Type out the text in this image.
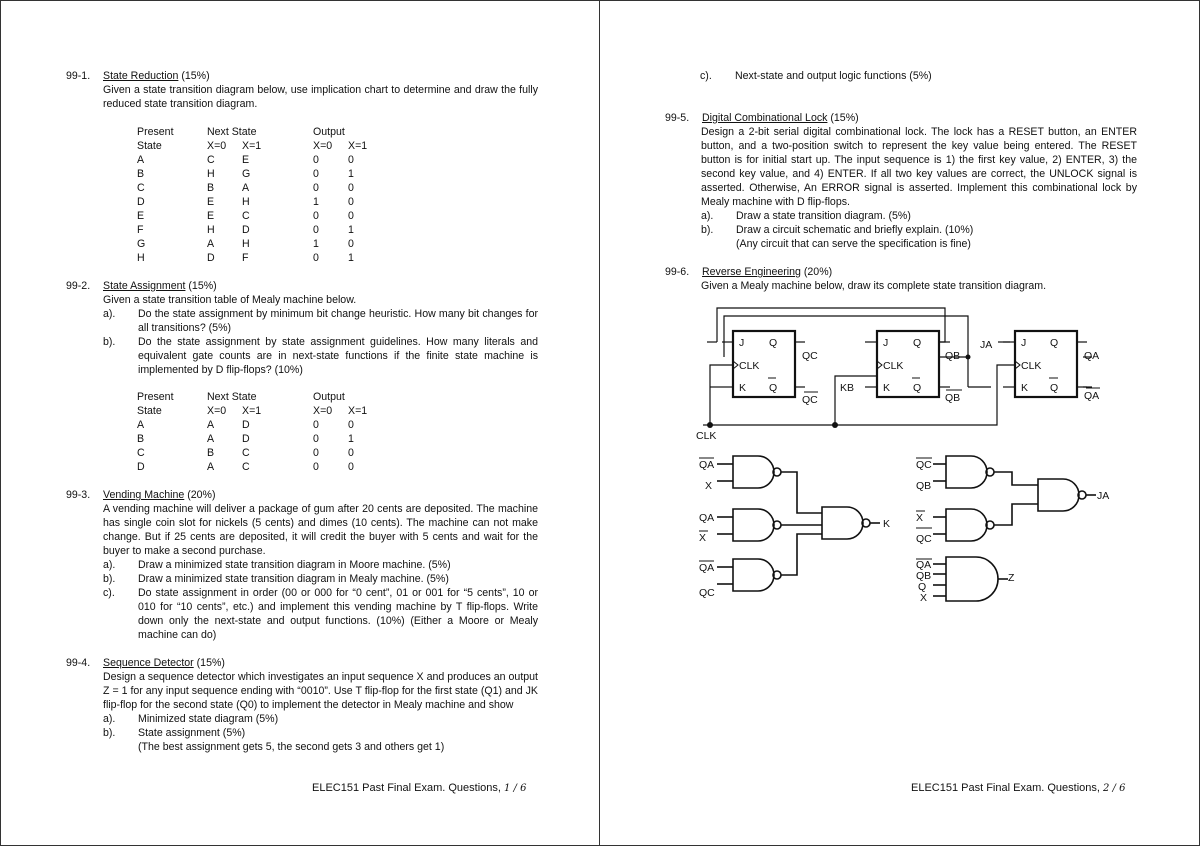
99-1.	State Reduction (15%)
Given a state transition diagram below, use implication chart to determine and draw the fully reduced state transition diagram.
Present	Next State		Output	
State	X=0	X=1	X=0	X=1
A	C	E	0	0
B	H	G	0	1
C	B	A	0	0
D	E	H	1	0
E	E	C	0	0
F	H	D	0	1
G	A	H	1	0
H	D	F	0	1
99-2.	State Assignment (15%)
Given a state transition table of Mealy machine below.
a).	Do the state assignment by minimum bit change heuristic. How many bit changes for all transitions? (5%)
b).	Do the state assignment by state assignment guidelines. How many literals and equivalent gate counts are in next-state functions if the finite state machine is implemented by D flip-flops? (10%)
Present	Next State		Output	
State	X=0	X=1	X=0	X=1
A	A	D	0	0
B	A	D	0	1
C	B	C	0	0
D	A	C	0	0
99-3.	Vending Machine (20%)
A vending machine will deliver a package of gum after 20 cents are deposited. The machine has single coin slot for nickels (5 cents) and dimes (10 cents). The machine can not make change. But if 25 cents are deposited, it will credit the buyer with 5 cents and wait for the buyer to make a second purchase.
a).	Draw a minimized state transition diagram in Moore machine. (5%)
b).	Draw a minimized state transition diagram in Mealy machine. (5%)
c).	Do state assignment in order (00 or 000 for “0 cent”, 01 or 001 for “5 cents”, 10 or 010 for “10 cents”, etc.) and implement this vending machine by T flip-flops. Write down only the next-state and output functions. (10%) (Either a Moore or Mealy machine can do)
99-4.	Sequence Detector (15%)
Design a sequence detector which investigates an input sequence X and produces an output Z = 1 for any input sequence ending with “0010”. Use T flip-flop for the first state (Q1) and JK flip-flop for the second state (Q0) to implement the detector in Mealy machine and show
a).	Minimized state diagram (5%)
b).	State assignment (5%)
(The best assignment gets 5, the second gets 3 and others get 1)
ELEC151 Past Final Exam. Questions, 1 / 6
c).	Next-state and output logic functions (5%)
99-5.	Digital Combinational Lock (15%)
Design a 2-bit serial digital combinational lock. The lock has a RESET button, an ENTER button, and a two-position switch to represent the key value being entered. The RESET button is for initial start up. The input sequence is 1) the first key value, 2) ENTER, 3) the second key value, and 4) ENTER. If all two key values are correct, the UNLOCK signal is asserted. Otherwise, An ERROR signal is asserted. Implement this combinational lock by Mealy machine with D flip-flops.
a).	Draw a state transition diagram. (5%)
b).	Draw a circuit schematic and briefly explain. (10%)
(Any circuit that can serve the specification is fine)
99-6.	Reverse Engineering (20%)
Given a Mealy machine below, draw its complete state transition diagram.
J Q
CLK
K Q
J Q
CLK
K Q
J Q
CLK
K Q
QC
QC
KB
QB
QB
JA
QA
QA
CLK
QA
X
QA
X
QA
QC
K
QC
QB
X
QC
JA
QA
QB
Q
X
Z
ELEC151 Past Final Exam. Questions, 2 / 6
